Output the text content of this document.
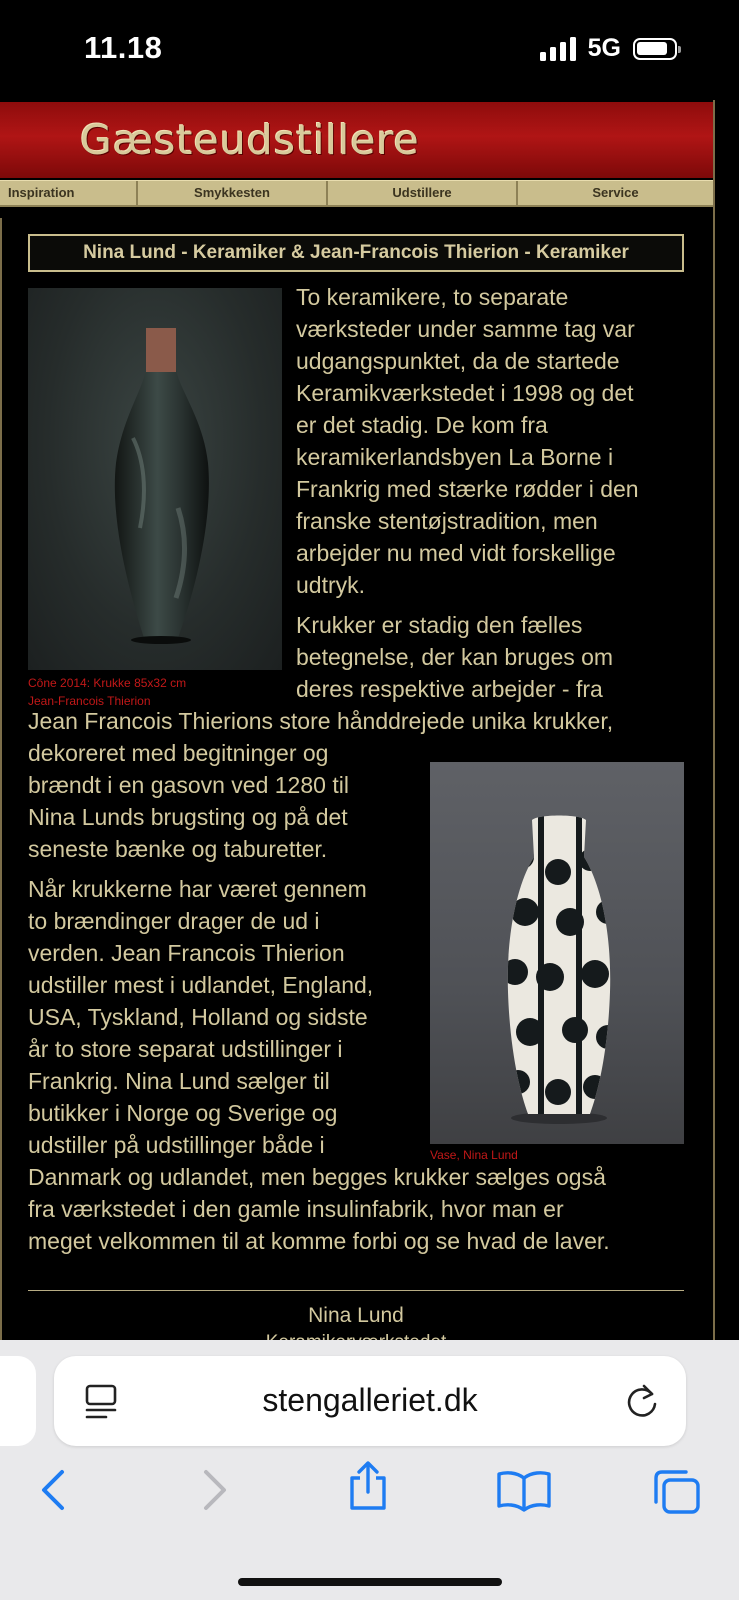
11.18	5G
Gæsteudstillere
Inspiration	Smykkesten	Udstillere	Service
Nina Lund - Keramiker & Jean-Francois Thierion - Keramiker
Cône 2014: Krukke 85x32 cm
Jean-Francois Thierion
To keramikere, to separate
værksteder under samme tag var
udgangspunktet, da de startede
Keramikværkstedet i 1998 og det
er det stadig. De kom fra
keramikerlandsbyen La Borne i
Frankrig med stærke rødder i den
franske stentøjstradition, men
arbejder nu med vidt forskellige
udtryk.
Krukker er stadig den fælles
betegnelse, der kan bruges om
deres respektive arbejder - fra
Jean Francois Thierions store hånddrejede unika krukker,
dekoreret med begitninger og
brændt i en gasovn ved 1280 til
Nina Lunds brugsting og på det
seneste bænke og taburetter.
Vase, Nina Lund
Når krukkerne har været gennem
to brændinger drager de ud i
verden. Jean Francois Thierion
udstiller mest i udlandet, England,
USA, Tyskland, Holland og sidste
år to store separat udstillinger i
Frankrig. Nina Lund sælger til
butikker i Norge og Sverige og
udstiller på udstillinger både i
Danmark og udlandet, men begges krukker sælges også
fra værkstedet i den gamle insulinfabrik, hvor man er
meget velkommen til at komme forbi og se hvad de laver.
Nina Lund
stengalleriet.dk
